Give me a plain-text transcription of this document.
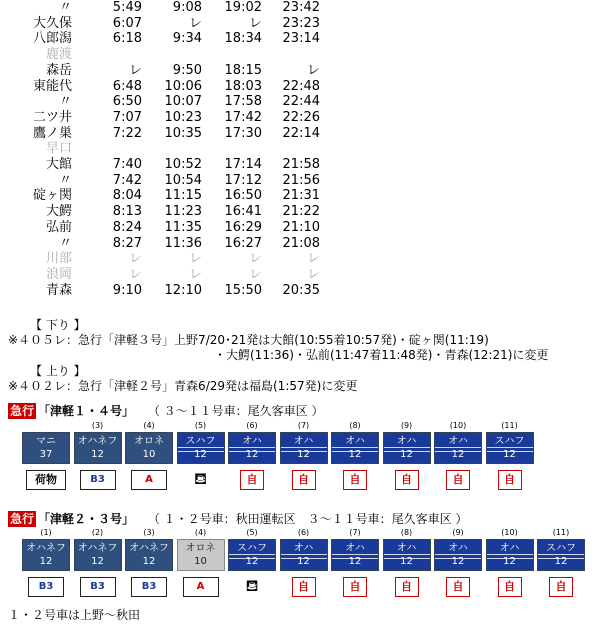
〃	5:49	9:08	19:02	23:42
大久保	6:07	レ	レ	23:23
八郎潟	6:18	9:34	18:34	23:14
鹿渡
森岳	レ	9:50	18:15	レ
東能代	6:48	10:06	18:03	22:48
〃	6:50	10:07	17:58	22:44
二ツ井	7:07	10:23	17:42	22:26
鷹ノ巣	7:22	10:35	17:30	22:14
早口
大館	7:40	10:52	17:14	21:58
〃	7:42	10:54	17:12	21:56
碇ヶ関	8:04	11:15	16:50	21:31
大鰐	8:13	11:23	16:41	21:22
弘前	8:24	11:35	16:29	21:10
〃	8:27	11:36	16:27	21:08
川部	レ	レ	レ	レ
浪岡	レ	レ	レ	レ
青森	9:10	12:10	15:50	20:35
【 下り 】
※４０５レ：急行「津軽３号」上野7/20･21発は大館(10:55着10:57発)・碇ヶ関(11:19)
・大鰐(11:36)・弘前(11:47着11:48発)・青森(12:21)に変更
【 上り 】
※４０２レ：急行「津軽２号」青森6/29発は福島(1:57発)に変更
急行 「津軽１・４号」 （ ３～１１号車：尾久客車区 ）
マニ
37
荷物
(3)
オハネフ
12
B3
(4)
オロネ
10
A
(5)
スハフ
12
⛾
(6)
オハ
12
自
(7)
オハ
12
自
(8)
オハ
12
自
(9)
オハ
12
自
(10)
オハ
12
自
(11)
スハフ
12
自
急行 「津軽２・３号」 （ １・２号車：秋田運転区　３～１１号車：尾久客車区 ）
(1)
オハネフ
12
B3
(2)
オハネフ
12
B3
(3)
オハネフ
12
B3
(4)
オロネ
10
A
(5)
スハフ
12
⛾
(6)
オハ
12
自
(7)
オハ
12
自
(8)
オハ
12
自
(9)
オハ
12
自
(10)
オハ
12
自
(11)
スハフ
12
自
１・２号車は上野～秋田
